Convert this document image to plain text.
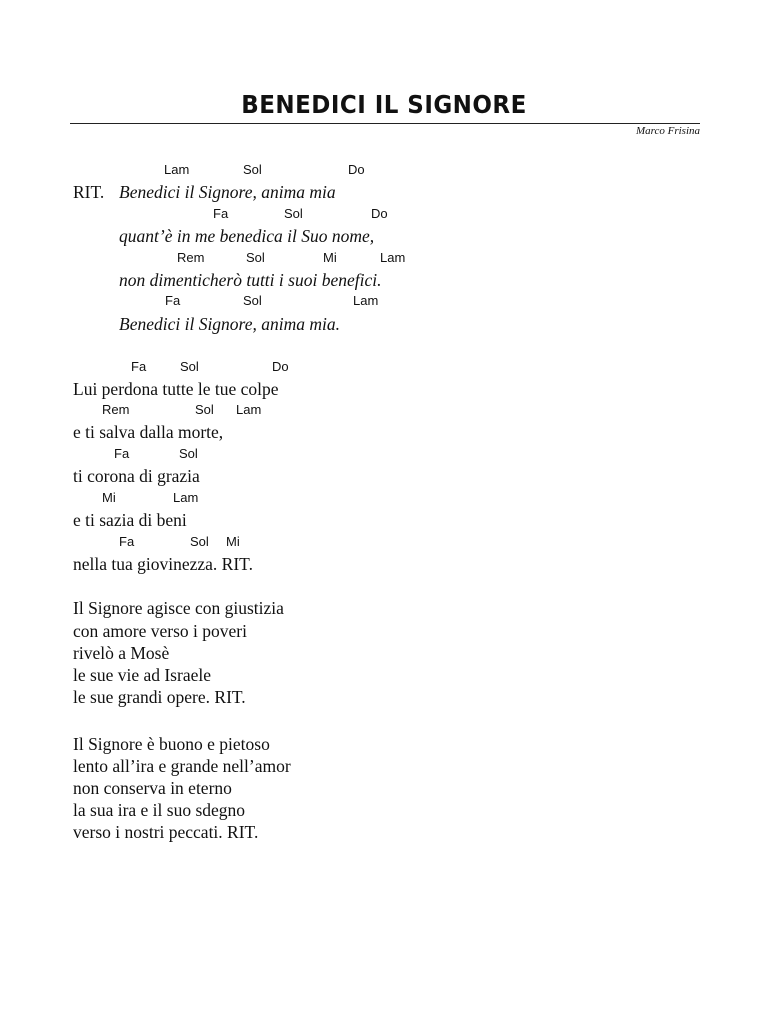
BENEDICI IL SIGNORE
Marco Frisina
Lam	Sol	Do
RIT. Benedici il Signore, anima mia
Fa	Sol	Do
quant’è in me benedica il Suo nome,
Rem	Sol	Mi	Lam
non dimenticherò tutti i suoi benefici.
Fa	Sol	Lam
Benedici il Signore, anima mia.
Fa	Sol	Do
Lui perdona tutte le tue colpe
Rem	Sol Lam
e ti salva dalla morte,
Fa	Sol
ti corona di grazia
Mi	Lam
e ti sazia di beni
Fa	Sol Mi
nella tua giovinezza. RIT.
Il Signore agisce con giustizia
con amore verso i poveri
rivelò a Mosè
le sue vie ad Israele
le sue grandi opere. RIT.
Il Signore è buono e pietoso
lento all’ira e grande nell’amor
non conserva in eterno
la sua ira e il suo sdegno
verso i nostri peccati. RIT.
